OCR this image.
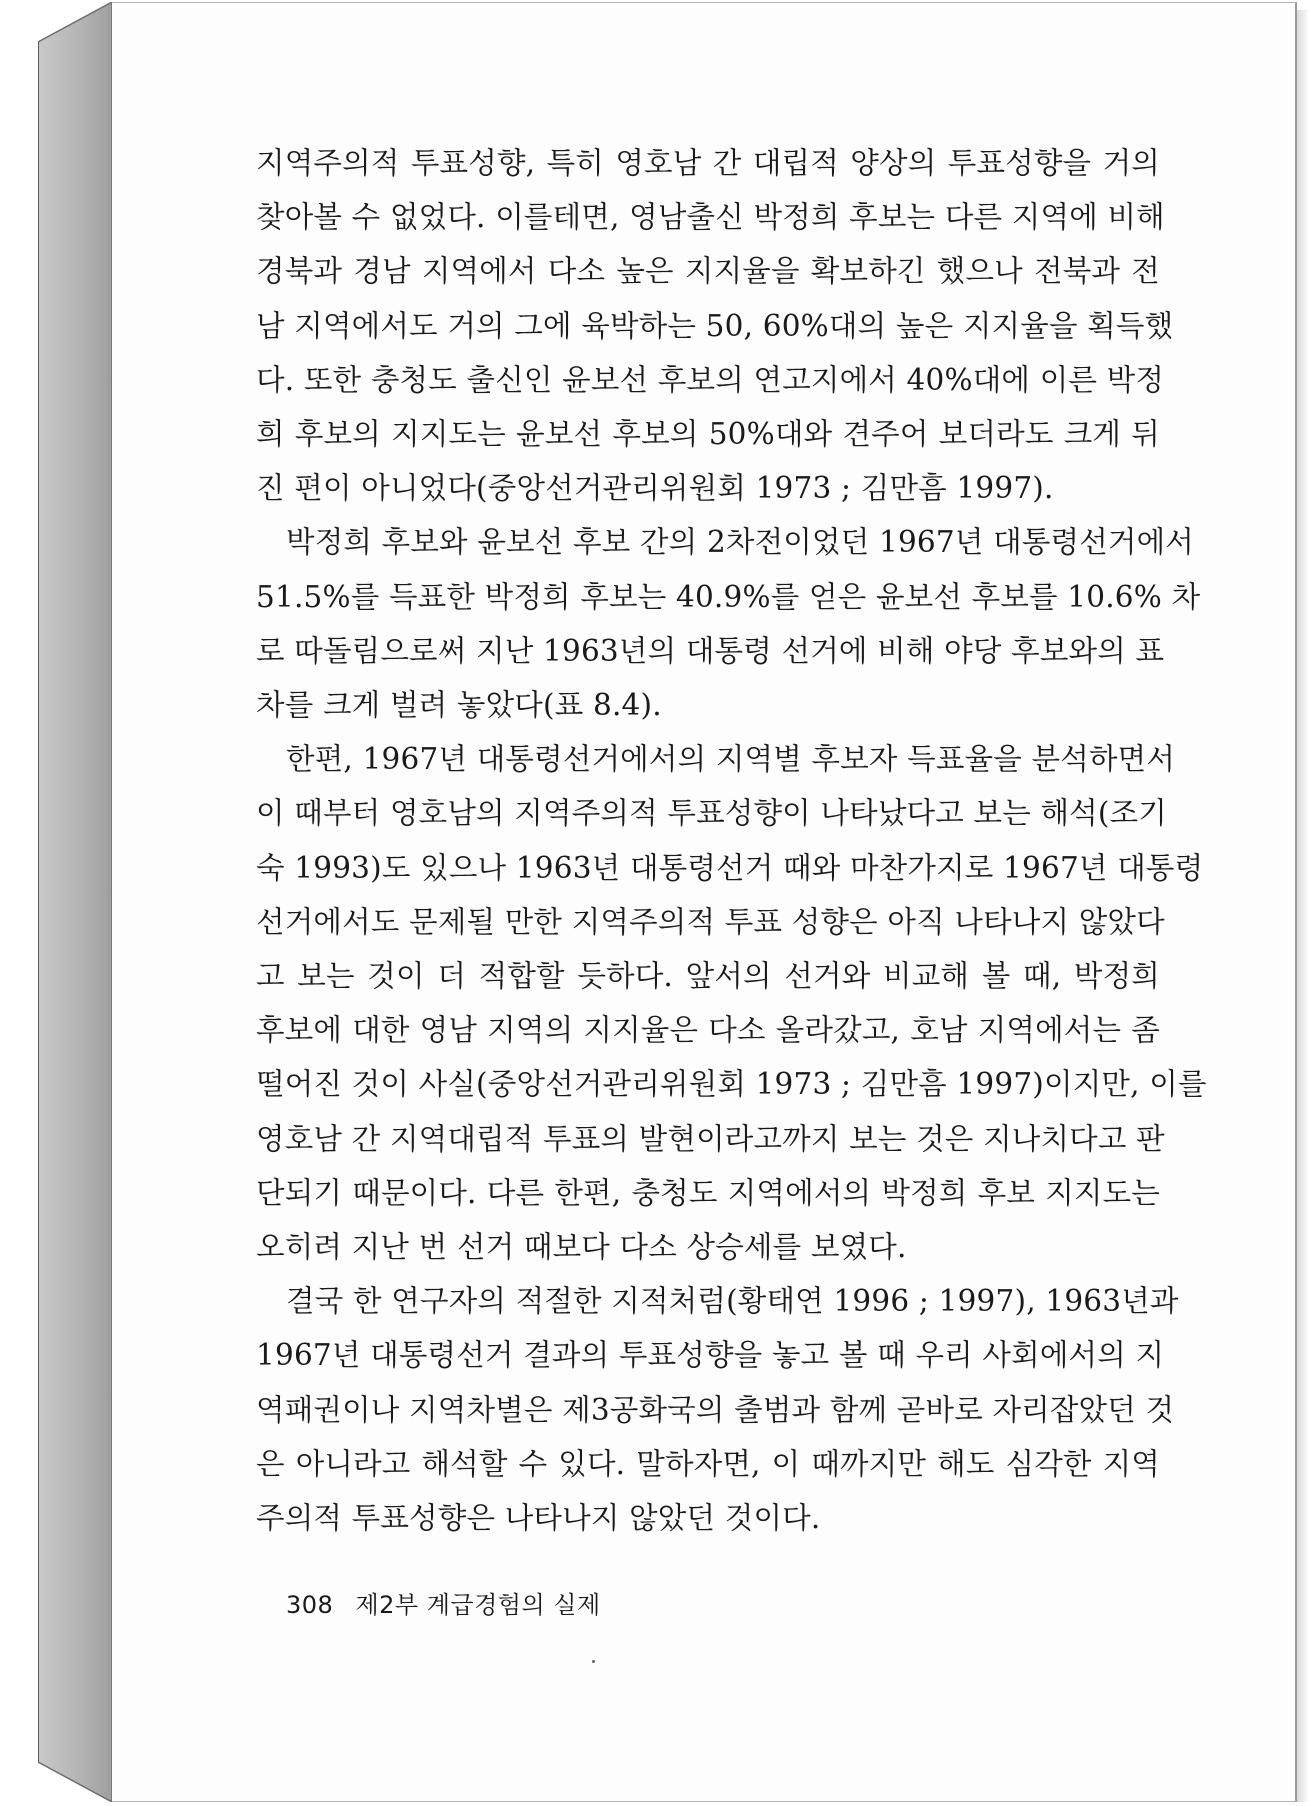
지역주의적 투표성향, 특히 영호남 간 대립적 양상의 투표성향을 거의
찾아볼 수 없었다. 이를테면, 영남출신 박정희 후보는 다른 지역에 비해
경북과 경남 지역에서 다소 높은 지지율을 확보하긴 했으나 전북과 전
남 지역에서도 거의 그에 육박하는 50, 60%대의 높은 지지율을 획득했
다. 또한 충청도 출신인 윤보선 후보의 연고지에서 40%대에 이른 박정
희 후보의 지지도는 윤보선 후보의 50%대와 견주어 보더라도 크게 뒤
진 편이 아니었다(중앙선거관리위원회 1973 ; 김만흠 1997).

박정희 후보와 윤보선 후보 간의 2차전이었던 1967년 대통령선거에서
51.5%를 득표한 박정희 후보는 40.9%를 얻은 윤보선 후보를 10.6% 차
로 따돌림으로써 지난 1963년의 대통령 선거에 비해 야당 후보와의 표
차를 크게 벌려 놓았다(표 8.4).

한편, 1967년 대통령선거에서의 지역별 후보자 득표율을 분석하면서
이 때부터 영호남의 지역주의적 투표성향이 나타났다고 보는 해석(조기
숙 1993)도 있으나 1963년 대통령선거 때와 마찬가지로 1967년 대통령
선거에서도 문제될 만한 지역주의적 투표 성향은 아직 나타나지 않았다
고 보는 것이 더 적합할 듯하다. 앞서의 선거와 비교해 볼 때, 박정희
후보에 대한 영남 지역의 지지율은 다소 올라갔고, 호남 지역에서는 좀
떨어진 것이 사실(중앙선거관리위원회 1973 ; 김만흠 1997)이지만, 이를
영호남 간 지역대립적 투표의 발현이라고까지 보는 것은 지나치다고 판
단되기 때문이다. 다른 한편, 충청도 지역에서의 박정희 후보 지지도는
오히려 지난 번 선거 때보다 다소 상승세를 보였다.

결국 한 연구자의 적절한 지적처럼(황태연 1996 ; 1997), 1963년과
1967년 대통령선거 결과의 투표성향을 놓고 볼 때 우리 사회에서의 지
역패권이나 지역차별은 제3공화국의 출범과 함께 곧바로 자리잡았던 것
은 아니라고 해석할 수 있다. 말하자면, 이 때까지만 해도 심각한 지역
주의적 투표성향은 나타나지 않았던 것이다.

308 제2부 계급경험의 실제
